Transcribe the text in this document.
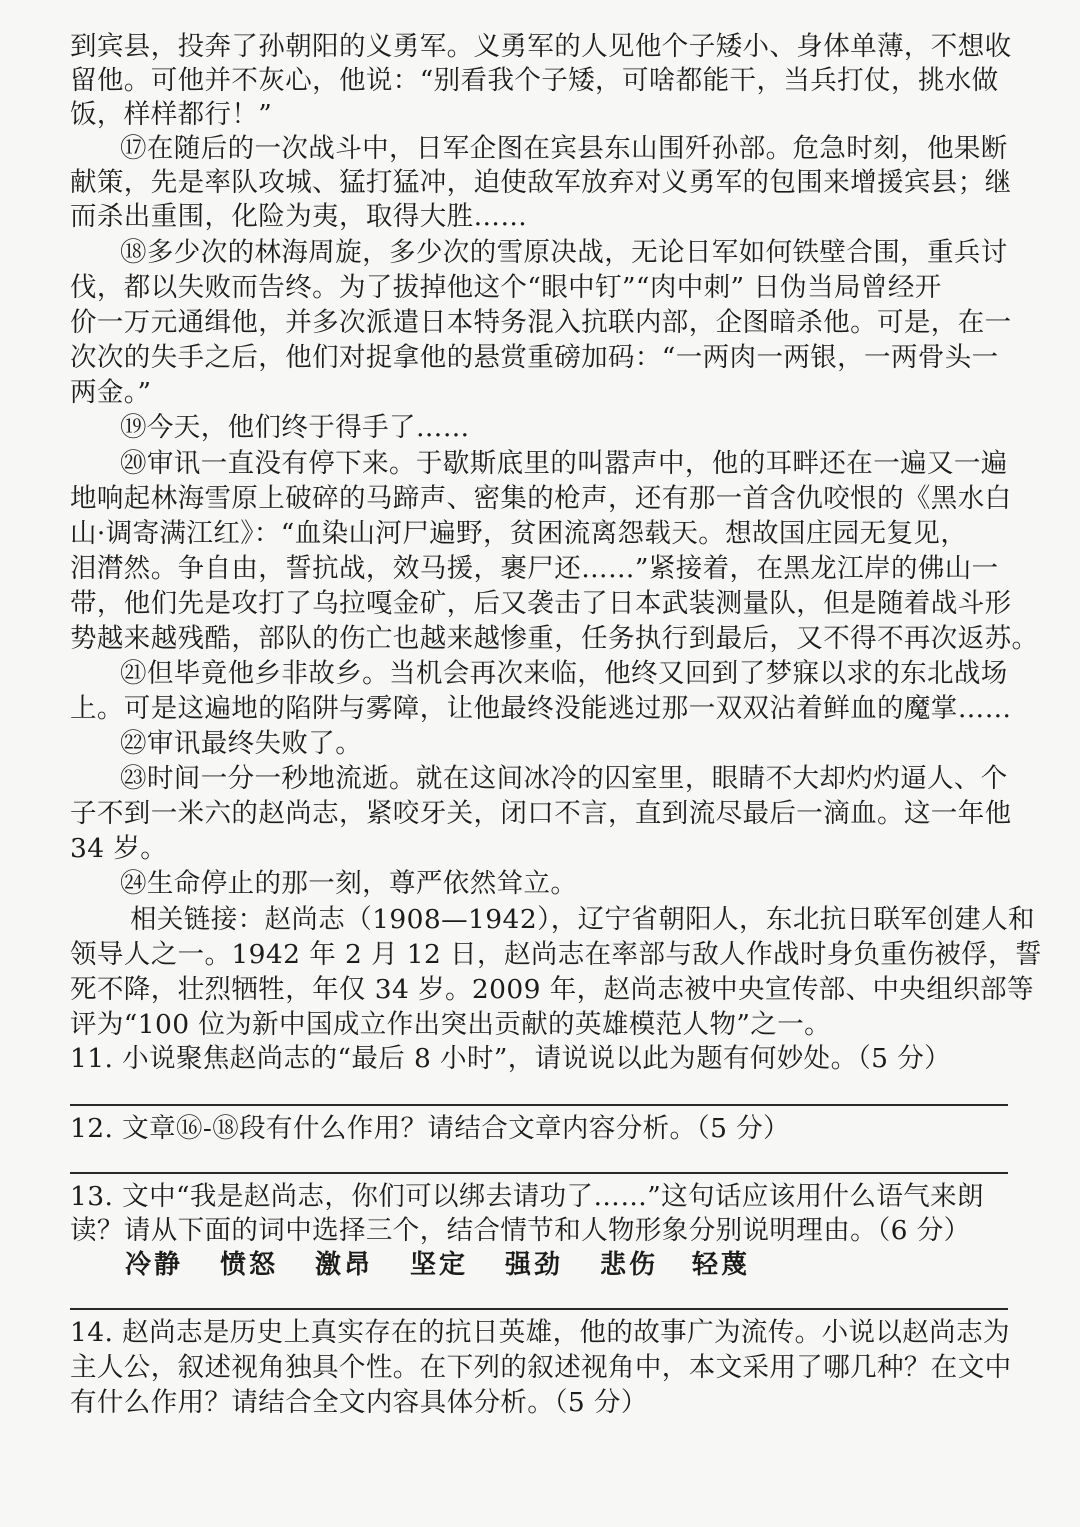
到宾县，投奔了孙朝阳的义勇军。义勇军的人见他个子矮小、身体单薄，不想收

留他。可他并不灰心，他说：“别看我个子矮，可啥都能干，当兵打仗，挑水做

饭，样样都行！”

⑰在随后的一次战斗中，日军企图在宾县东山围歼孙部。危急时刻，他果断

献策，先是率队攻城、猛打猛冲，迫使敌军放弃对义勇军的包围来增援宾县；继

而杀出重围，化险为夷，取得大胜……

⑱多少次的林海周旋，多少次的雪原决战，无论日军如何铁壁合围，重兵讨

伐，都以失败而告终。为了拔掉他这个“眼中钉”“肉中刺” 日伪当局曾经开

价一万元通缉他，并多次派遣日本特务混入抗联内部，企图暗杀他。可是，在一

次次的失手之后，他们对捉拿他的悬赏重磅加码：“一两肉一两银，一两骨头一

两金。”

⑲今天，他们终于得手了……

⑳审讯一直没有停下来。于歇斯底里的叫嚣声中，他的耳畔还在一遍又一遍

地响起林海雪原上破碎的马蹄声、密集的枪声，还有那一首含仇咬恨的《黑水白

山·调寄满江红》：“血染山河尸遍野，贫困流离怨载天。想故国庄园无复见，

泪潸然。争自由，誓抗战，效马援，裹尸还……”紧接着，在黑龙江岸的佛山一

带，他们先是攻打了乌拉嘎金矿，后又袭击了日本武装测量队，但是随着战斗形

势越来越残酷，部队的伤亡也越来越惨重，任务执行到最后，又不得不再次返苏。

㉑但毕竟他乡非故乡。当机会再次来临，他终又回到了梦寐以求的东北战场

上。可是这遍地的陷阱与雾障，让他最终没能逃过那一双双沾着鲜血的魔掌……

㉒审讯最终失败了。

㉓时间一分一秒地流逝。就在这间冰冷的囚室里，眼睛不大却灼灼逼人、个

子不到一米六的赵尚志，紧咬牙关，闭口不言，直到流尽最后一滴血。这一年他

34 岁。

㉔生命停止的那一刻，尊严依然耸立。

相关链接：赵尚志（1908—1942），辽宁省朝阳人，东北抗日联军创建人和

领导人之一。1942 年 2 月 12 日，赵尚志在率部与敌人作战时身负重伤被俘，誓

死不降，壮烈牺牲，年仅 34 岁。2009 年，赵尚志被中央宣传部、中央组织部等

评为“100 位为新中国成立作出突出贡献的英雄模范人物”之一。

11. 小说聚焦赵尚志的“最后 8 小时”，请说说以此为题有何妙处。（5 分）

12. 文章⑯-⑱段有什么作用？请结合文章内容分析。（5 分）

13. 文中“我是赵尚志，你们可以绑去请功了……”这句话应该用什么语气来朗

读？请从下面的词中选择三个，结合情节和人物形象分别说明理由。（6 分）

冷静 愤怒 激昂 坚定 强劲 悲伤 轻蔑

14. 赵尚志是历史上真实存在的抗日英雄，他的故事广为流传。小说以赵尚志为

主人公，叙述视角独具个性。在下列的叙述视角中，本文采用了哪几种？在文中

有什么作用？请结合全文内容具体分析。（5 分）
